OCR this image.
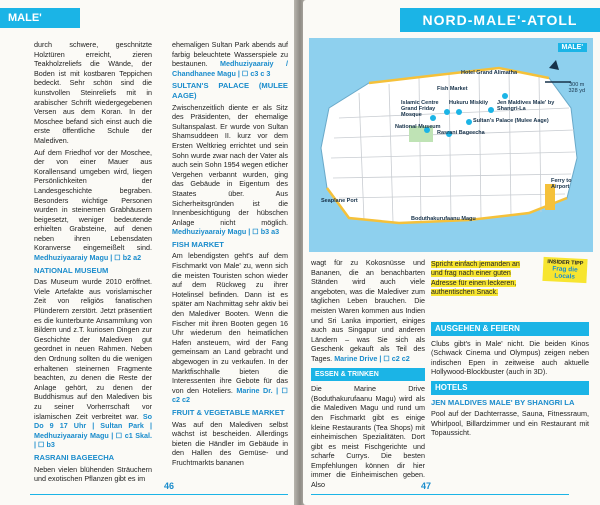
MALE'

durch schwere, geschnitzte Holztüren erreicht, zieren Teakholzreliefs die Wände, der Boden ist mit kostbaren Teppichen bedeckt. Sehr schön sind die kunstvollen Steinreliefs mit in arabischer Schrift wiedergegebenen Versen aus dem Koran. In der Moschee befand sich einst auch die erste öffentliche Schule der Malediven.

Auf dem Friedhof vor der Moschee, der von einer Mauer aus Korallensand umgeben wird, liegen Persönlichkeiten der Landesgeschichte begraben. Besonders wichtige Personen wurden in steinernen Grabhäusern beigesetzt, weniger bedeutende erhielten Grabsteine, auf denen neben ihren Lebensdaten Koranverse eingemeißelt sind. Medhuziyaaraiy Magu | ☐ b2 a2

NATIONAL MUSEUM

Das Museum wurde 2010 eröffnet. Viele Artefakte aus vorislamischer Zeit von religiös fanatischen Plünderern zerstört. Jetzt präsentiert es die kunterbunte Ansammlung von Bildern und z.T. kuriosen Dingen zur Geschichte der Malediven gut geordnet in neuen Rahmen. Neben den Ordnung sollten du die wenigen erhaltenen steinernen Fragmente beachten, zu denen die Reste der Anlage gehört, zu denen der Buddhismus auf den Malediven bis zu seiner Vorherrschaft vor islamischen Zeit verbreitet war. So Do 9 17 Uhr | Sultan Park | Medhuziyaaraiy Magu | ☐ c1 Skal. | ☐ b3

RASRANI BAGEECHA

Neben vielen blühenden Sträuchern und exotischen Pflanzen gibt es im

ehemaligen Sultan Park abends auf farbig beleuchtete Wasserspiele zu bestaunen. Medhuziyaaraiy / Chandhanee Magu | ☐ c3 c 3

SULTAN'S PALACE (MULEE AAGE)

Zwischenzeitlich diente er als Sitz des Präsidenten, der ehemalige Sultanspalast. Er wurde von Sultan Shamsuddeen II. kurz vor dem Ersten Weltkrieg errichtet und sein Sohn wurde zwar nach der Vater als auch sein Sohn 1954 wegen etlicher Vergehen verbannt wurden, ging das Gebäude in Eigentum des Staates über. Aus Sicherheitsgründen ist die Innenbesichtigung der hübschen Anlage nicht möglich. Medhuziyaaraiy Magu | ☐ b3 a3

FISH MARKET

Am lebendigsten geht's auf dem Fischmarkt von Male' zu, wenn sich die meisten Touristen schon wieder auf dem Rückweg zu ihrer Hotelinsel befinden. Dann ist es später am Nachmittag sehr aktiv bei den Malediver Booten. Wenn die Fischer mit ihren Booten gegen 16 Uhr wiederum den heimatlichen Hafen ansteuern, wird der Fang gemeinsam an Land gebracht und abgewogen in zu verkaufen. In der Marktfischhalle bieten die Interessenten ihre Gebote für das von den Hoteliers. Marine Dr. | ☐ c2 c2

FRUIT & VEGETABLE MARKET

Was auf den Malediven selbst wächst ist bescheiden. Allerdings bieten die Händler im Gebäude in den Hallen des Gemüse- und Fruchtmarkts bananen

46
NORD-MALE'-ATOLL
MALE'
300 m
328 yd
Hotel Grand Alimatha
Fish Market
Islamic Centre Grand Friday Mosque
Hukuru Miskiiy Jen Maldives Male' by Shangri-La
Sultan's Palace (Mulee Aage)
National Museum
Rasrani Bageecha
Boduthakurufaanu Magu
Seaplane Port
Ferry to Airport

wagt für zu Kokosnüsse und Bananen, die an benachbarten Ständen wird auch viele angeboten, was die Malediver zum täglichen Leben brauchen. Die meisten Waren kommen aus Indien und Sri Lanka importiert, einiges auch aus Singapur und anderen Ländern – was Sie sich als Geschenk gekauft als Teil des Tages. Marine Drive | ☐ c2 c2

ESSEN & TRINKEN

Die Marine Drive (Boduthakurufaanu Magu) wird als die Malediven Magu und rund um den Fischmarkt gibt es einige kleine Restaurants (Tea Shops) mit einheimischen Spezialitäten. Dort gibt es meist Fischgerichte und scharfe Currys. Die besten Empfehlungen können dir hier immer die Einheimischen geben. Also

Spricht einfach jemanden an und frag nach einer guten Adresse für einen leckeren, authentischen Snack.
INSIDER TIPP
Frag die Locals
AUSGEHEN & FEIERN

Clubs gibt's in Male' nicht. Die beiden Kinos (Schwack Cinema und Olympus) zeigen neben indischen Epen in zeitweise auch aktuelle Hollywood-Blockbuster (auch in 3D).

HOTELS
JEN MALDIVES MALE' BY SHANGRI LA

Pool auf der Dachterrasse, Sauna, Fitnessraum, Whirlpool, Billardzimmer und ein Restaurant mit Topaussicht.

47
